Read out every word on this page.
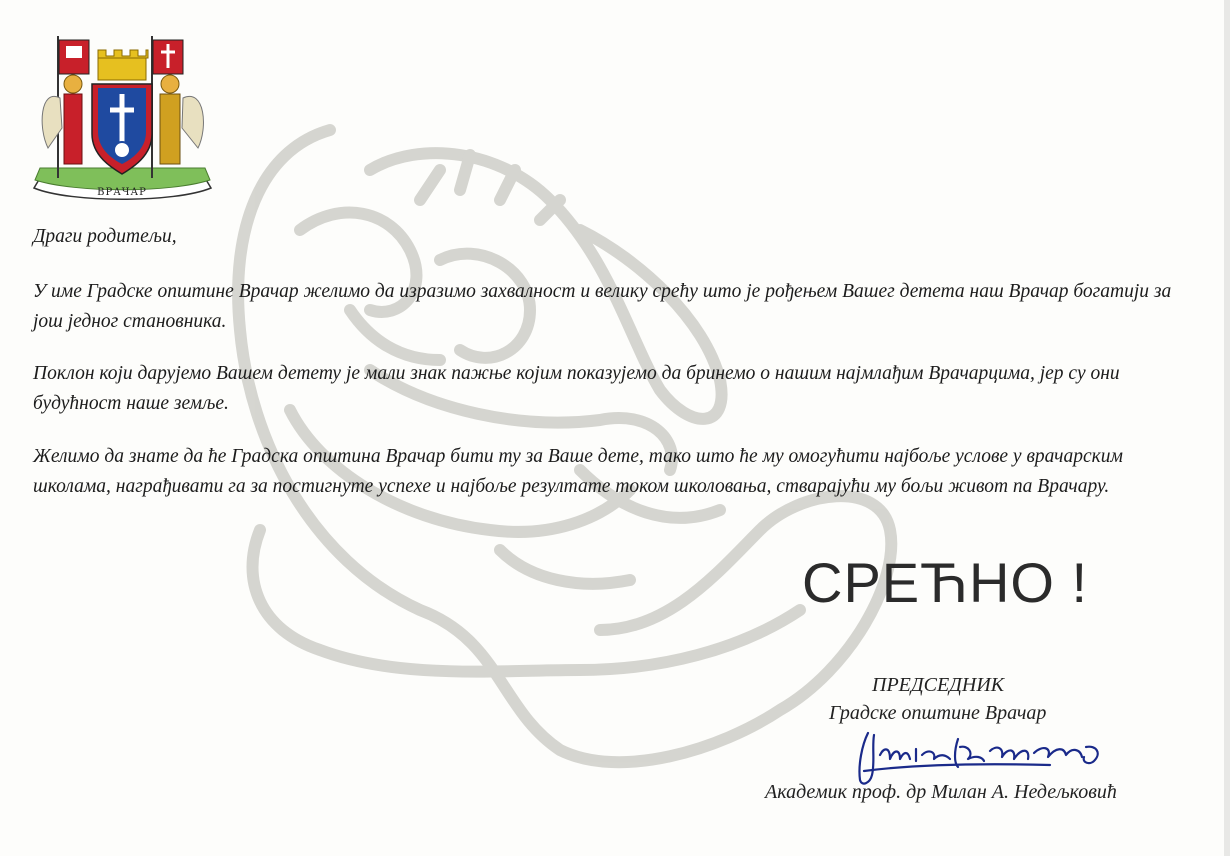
ВРАЧАР
Драги родитељи,
У име Градске општине Врачар желимо да изразимо захвалност и велику срећу што је рођењем Вашег детета наш Врачар богатији за још једног становника.
Поклон који дарујемо Вашем детету је мали знак пажње којим показујемо да бринемо о нашим најмлађим Врачарцима, јер су они будућност наше земље.
Желимо да знате да ће Градска општина Врачар бити ту за Ваше дете, тако што ће му омогућити најбоље услове у врачарским школама, награђивати га за постигнуте успехе и најбоље резултате током школовања, стварајући му бољи живот па Врачару.
СРЕЋНО !
ПРЕДСЕДНИК
Градске општине Врачар
Академик проф. др Милан А. Недељковић
